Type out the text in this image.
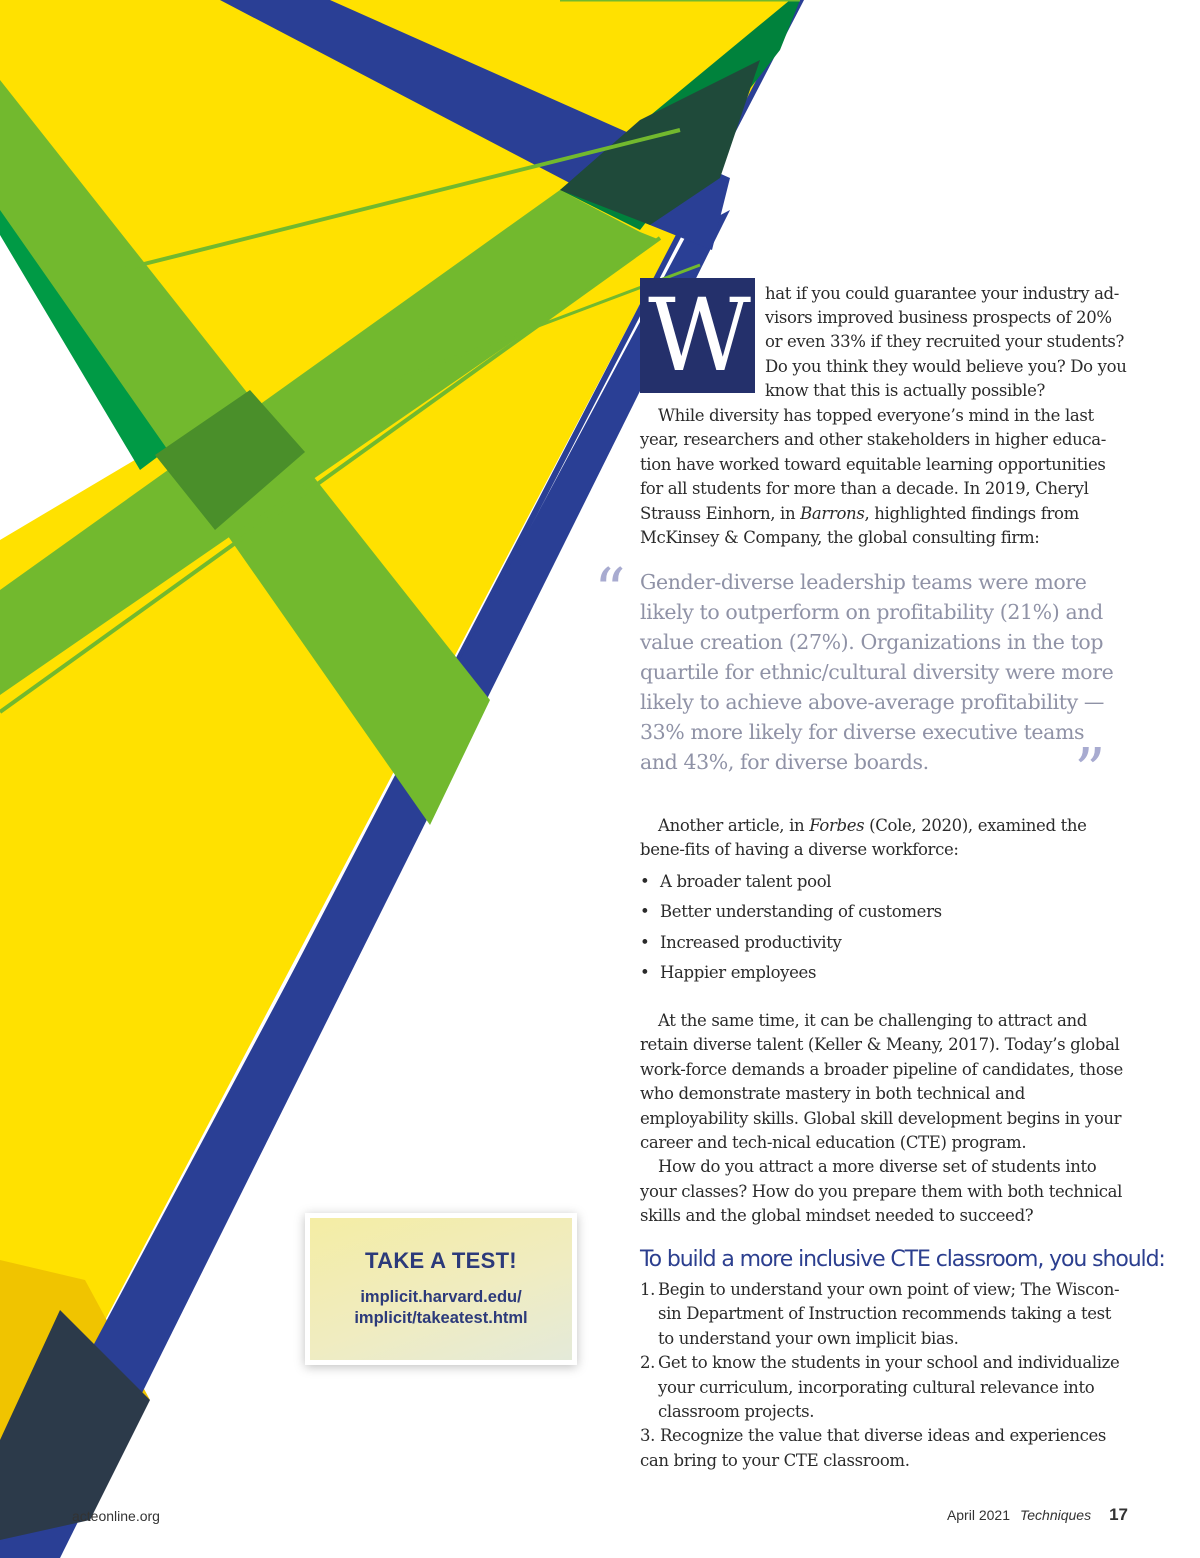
W	hat if you could guarantee your industry ad-
visors improved business prospects of 20%
or even 33% if they recruited your students?
Do you think they would believe you? Do you
know that this is actually possible?

While diversity has topped everyone’s mind in the last year, researchers and other stakeholders in higher educa-tion have worked toward equitable learning opportunities for all students for more than a decade. In 2019, Cheryl Strauss Einhorn, in Barrons, highlighted findings from McKinsey & Company, the global consulting firm:

“ Gender-diverse leadership teams were more likely to outperform on profitability (21%) and value creation (27%). Organizations in the top quartile for ethnic/cultural diversity were more likely to achieve above-average profitability — 33% more likely for diverse executive teams and 43%, for diverse boards.	”

Another article, in Forbes (Cole, 2020), examined the bene-fits of having a diverse workforce:

• A broader talent pool
• Better understanding of customers
• Increased productivity
• Happier employees

At the same time, it can be challenging to attract and retain diverse talent (Keller & Meany, 2017). Today’s global work-force demands a broader pipeline of candidates, those who demonstrate mastery in both technical and employability skills. Global skill development begins in your career and tech-nical education (CTE) program.

How do you attract a more diverse set of students into your classes? How do you prepare them with both technical skills and the global mindset needed to succeed?

To build a more inclusive CTE classroom, you should:
1. Begin to understand your own point of view; The Wiscon-sin Department of Instruction recommends taking a test to understand your own implicit bias.
2. Get to know the students in your school and individualize your curriculum, incorporating cultural relevance into classroom projects.
3. Recognize the value that diverse ideas and experiences can bring to your CTE classroom.
TAKE A TEST!
implicit.harvard.edu/
implicit/takeatest.html
acteonline.org	April 2021 Techniques 17
